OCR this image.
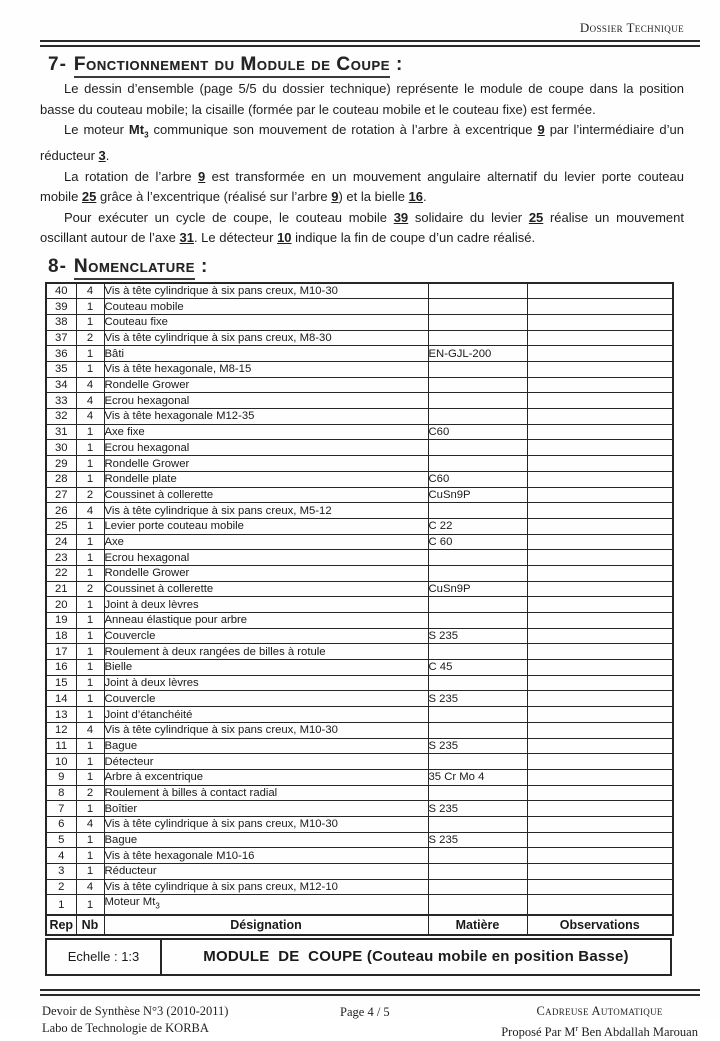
Dossier Technique
7- Fonctionnement du Module de Coupe :

Le dessin d’ensemble (page 5/5 du dossier technique) représente le module de coupe dans la position basse du couteau mobile; la cisaille (formée par le couteau mobile et le couteau fixe) est fermée.

Le moteur $Mt_3$ communique son mouvement de rotation à l’arbre à excentrique 9 par l’intermédiaire d’un réducteur 3.

La rotation de l’arbre 9 est transformée en un mouvement angulaire alternatif du levier porte couteau mobile 25 grâce à l’excentrique (réalisé sur l’arbre 9) et la bielle 16.

Pour exécuter un cycle de coupe, le couteau mobile 39 solidaire du levier 25 réalise un mouvement oscillant autour de l’axe 31. Le détecteur 10 indique la fin de coupe d’un cadre réalisé.

8- Nomenclature :
40	4	Vis à tête cylindrique à six pans creux, M10-30		
39	1	Couteau mobile		
38	1	Couteau fixe		
37	2	Vis à tête cylindrique à six pans creux, M8-30		
36	1	Bâti	EN-GJL-200	
35	1	Vis à tête hexagonale, M8-15		
34	4	Rondelle Grower		
33	4	Ecrou hexagonal		
32	4	Vis à tête hexagonale M12-35		
31	1	Axe fixe	C60	
30	1	Ecrou hexagonal		
29	1	Rondelle Grower		
28	1	Rondelle plate	C60	
27	2	Coussinet à collerette	CuSn9P	
26	4	Vis à tête cylindrique à six pans creux, M5-12		
25	1	Levier porte couteau mobile	C 22	
24	1	Axe	C 60	
23	1	Ecrou hexagonal		
22	1	Rondelle Grower		
21	2	Coussinet à collerette	CuSn9P	
20	1	Joint à deux lèvres		
19	1	Anneau élastique pour arbre		
18	1	Couvercle	S 235	
17	1	Roulement à deux rangées de billes à rotule		
16	1	Bielle	C 45	
15	1	Joint à deux lèvres		
14	1	Couvercle	S 235	
13	1	Joint d’étanchéité		
12	4	Vis à tête cylindrique à six pans creux, M10-30		
11	1	Bague	S 235	
10	1	Détecteur		
9	1	Arbre à excentrique	35 Cr Mo 4	
8	2	Roulement à billes à contact radial		
7	1	Boîtier	S 235	
6	4	Vis à tête cylindrique à six pans creux, M10-30		
5	1	Bague	S 235	
4	1	Vis à tête hexagonale M10-16		
3	1	Réducteur		
2	4	Vis à tête cylindrique à six pans creux, M12-10		
1	1	Moteur $Mt_3$		
Rep	Nb	Désignation	Matière	Observations
Echelle : 1:3	MODULE  DE  COUPE (Couteau mobile en position Basse)
Devoir de Synthèse N°3 (2010-2011)
Labo de Technologie de KORBA
Page 4 / 5	Cadreuse Automatique
Proposé Par $M^r$ Ben Abdallah Marouan
